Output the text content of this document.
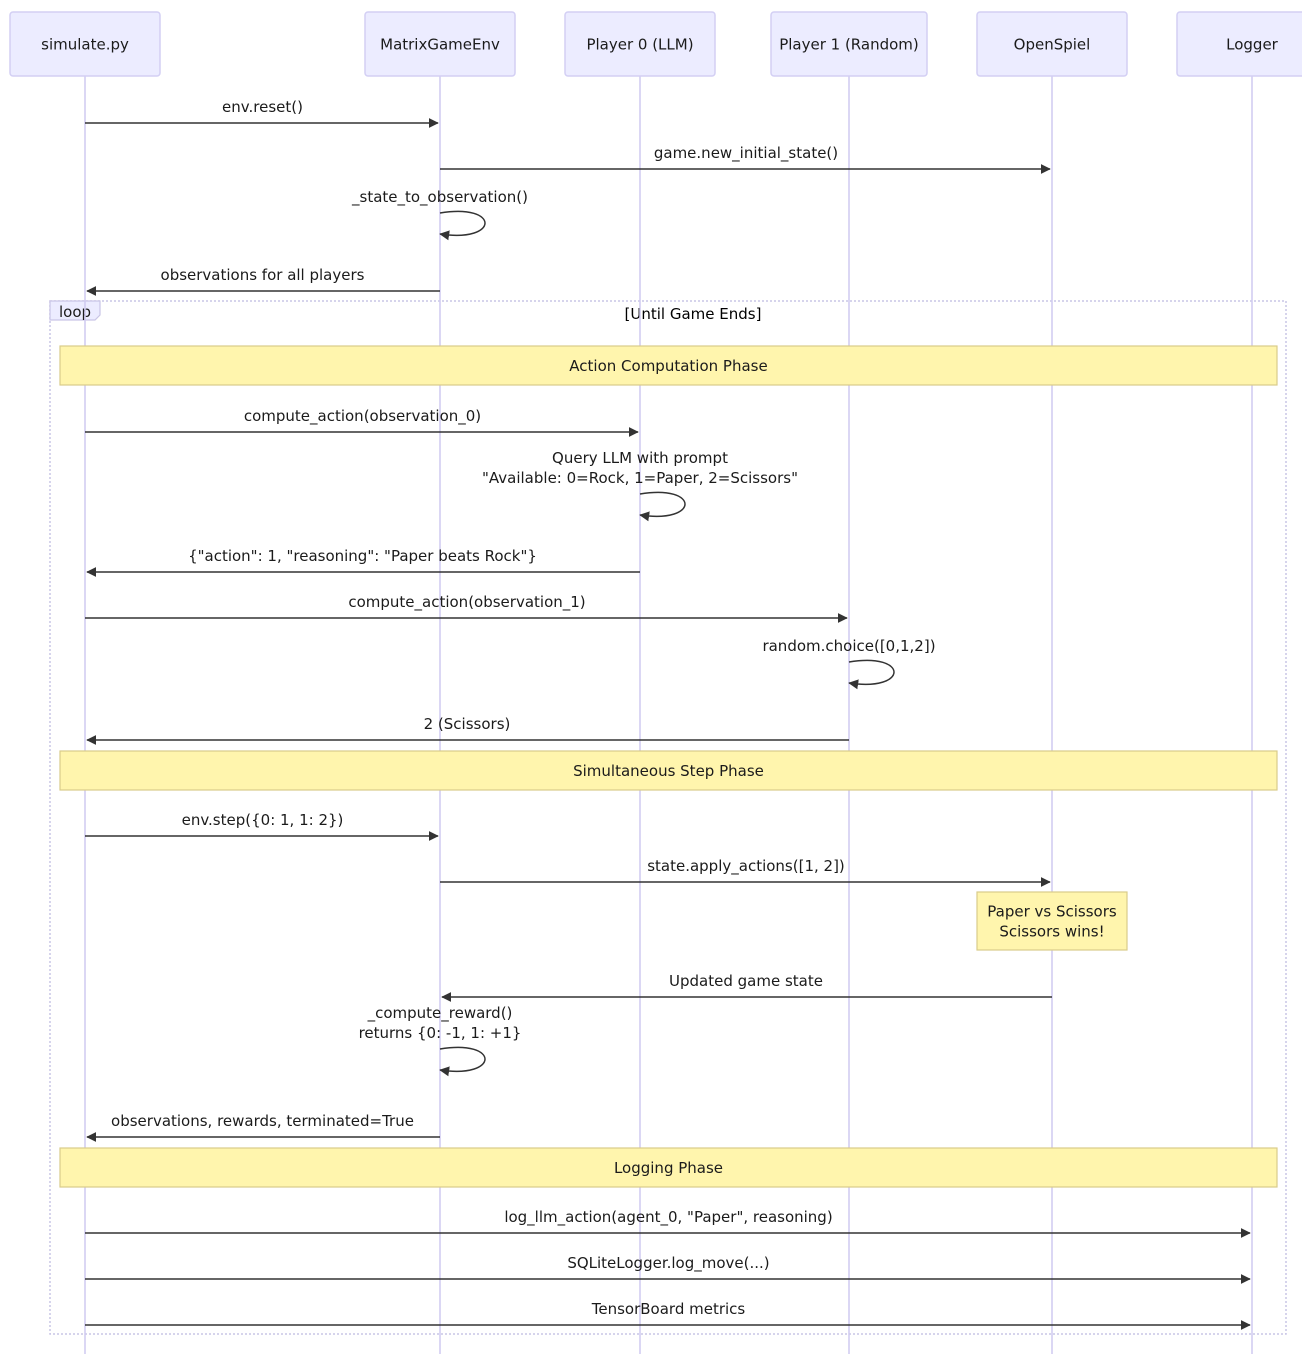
loop	[Until Game Ends]
simulate.py	MatrixGameEnv	Player 0 (LLM)	Player 1 (Random)	OpenSpiel	Logger
env.reset()
game.new_initial_state()
_state_to_observation()
observations for all players
Action Computation Phase
compute_action(observation_0)
Query LLM with prompt
"Available: 0=Rock, 1=Paper, 2=Scissors"
{"action": 1, "reasoning": "Paper beats Rock"}
compute_action(observation_1)
random.choice([0,1,2])
2 (Scissors)
Simultaneous Step Phase
env.step({0: 1, 1: 2})
state.apply_actions([1, 2])
Paper vs Scissors
Scissors wins!
Updated game state
_compute_reward()
returns {0: -1, 1: +1}
observations, rewards, terminated=True
Logging Phase
log_llm_action(agent_0, "Paper", reasoning)
SQLiteLogger.log_move(...)
TensorBoard metrics
